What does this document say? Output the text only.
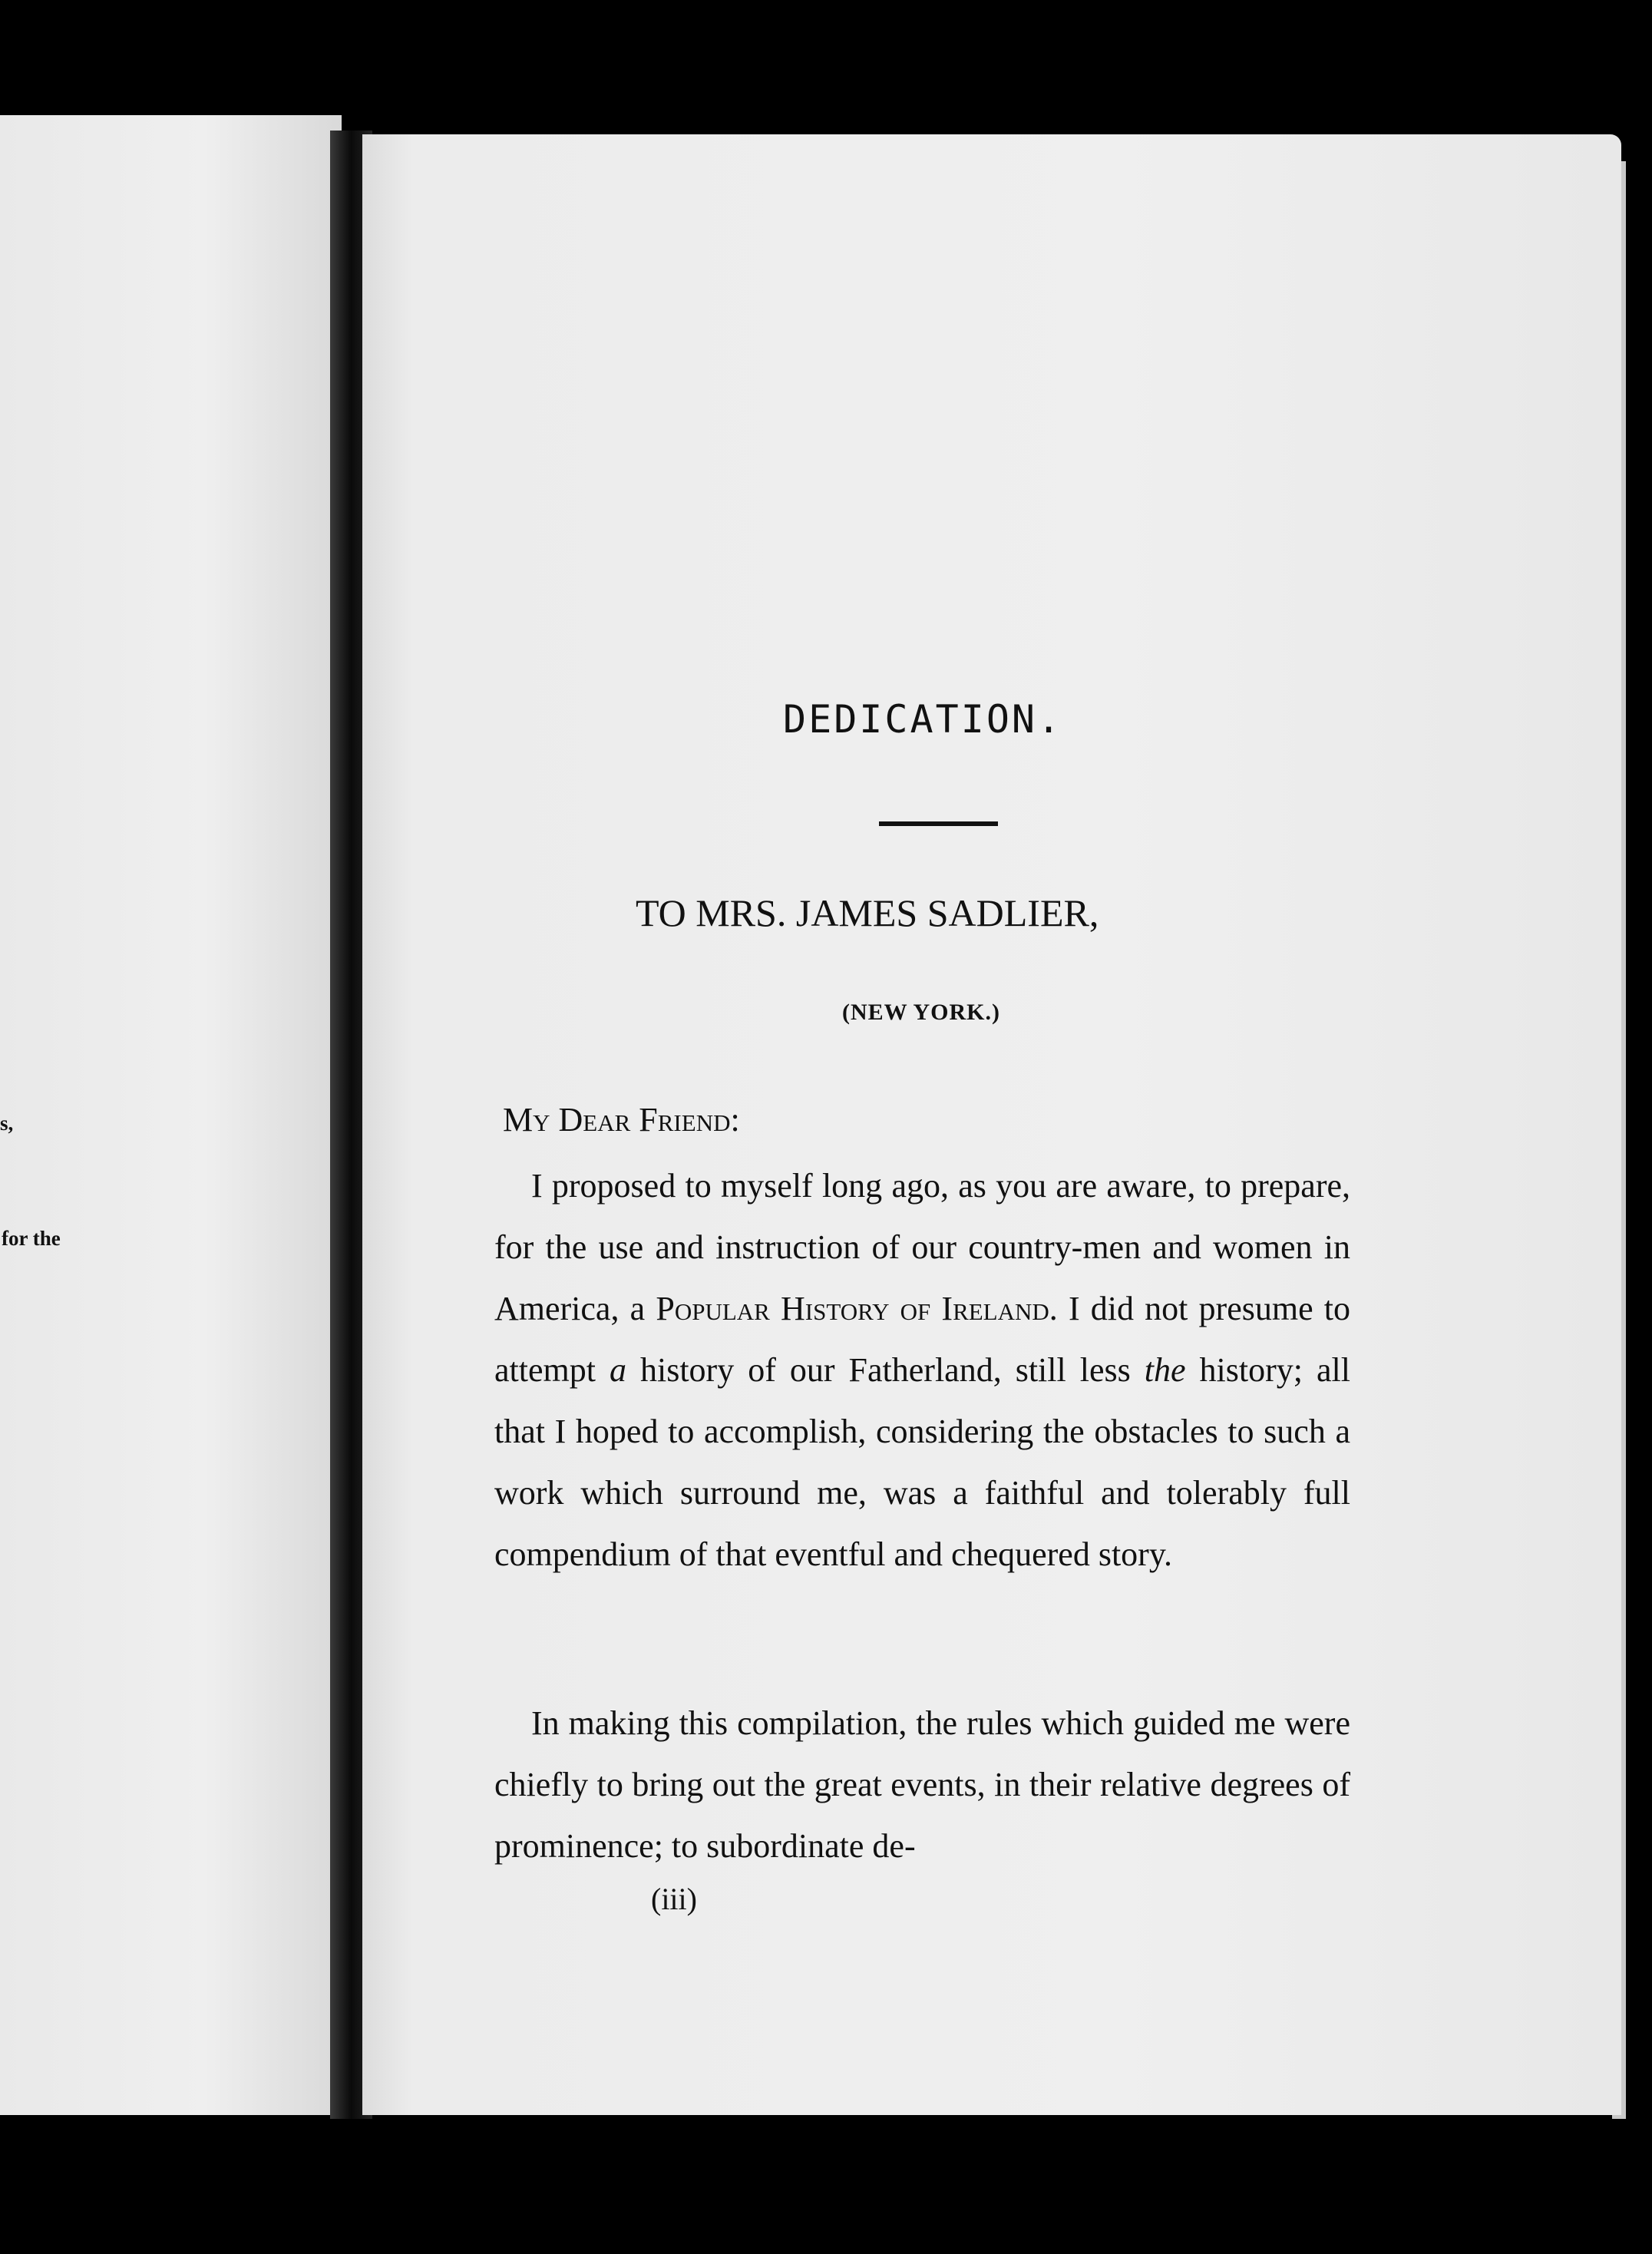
s,
for the
DEDICATION.
TO MRS. JAMES SADLIER,
(NEW YORK.)
My Dear Friend:
I proposed to myself long ago, as you are aware, to prepare, for the use and instruction of our country-men and women in America, a Popular History of Ireland. I did not presume to attempt a history of our Fatherland, still less the history; all that I hoped to accomplish, considering the obstacles to such a work which surround me, was a faithful and tolerably full compendium of that eventful and chequered story.
In making this compilation, the rules which guided me were chiefly to bring out the great events, in their relative degrees of prominence; to subordinate de-
(iii)
